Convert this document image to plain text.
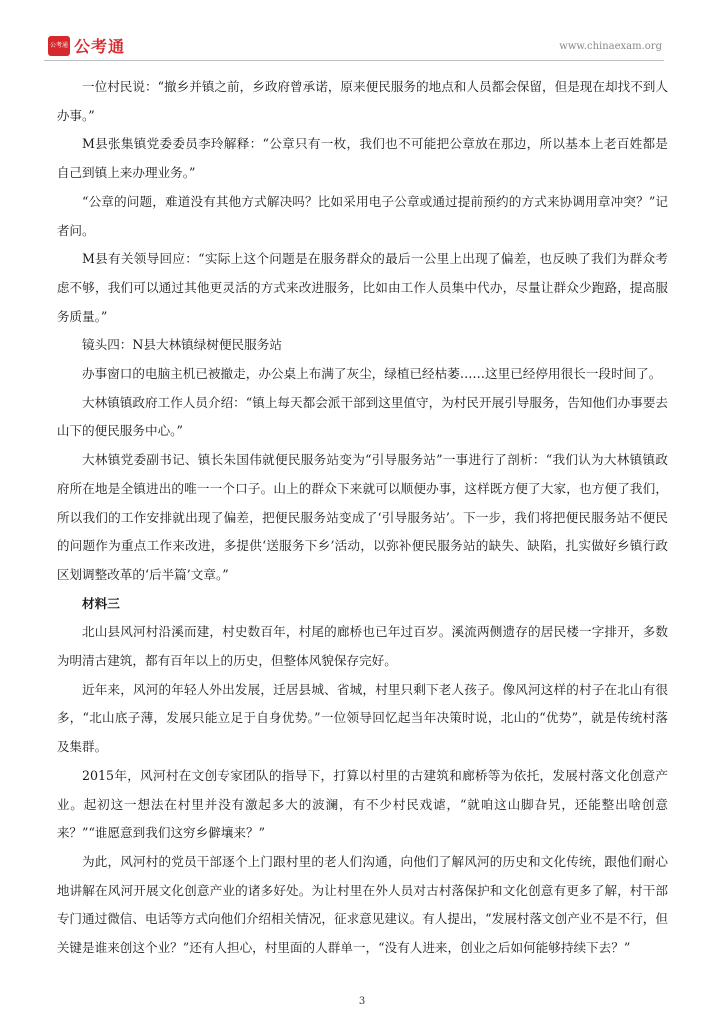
公考通 公考通	www.chinaexam.org

一位村民说：“撤乡并镇之前，乡政府曾承诺，原来便民服务的地点和人员都会保留，但是现在却找不到人办事。”

M县张集镇党委委员李玲解释：“公章只有一枚，我们也不可能把公章放在那边，所以基本上老百姓都是自己到镇上来办理业务。”

“公章的问题，难道没有其他方式解决吗？比如采用电子公章或通过提前预约的方式来协调用章冲突？”记者问。

M县有关领导回应：“实际上这个问题是在服务群众的最后一公里上出现了偏差，也反映了我们为群众考虑不够，我们可以通过其他更灵活的方式来改进服务，比如由工作人员集中代办，尽量让群众少跑路，提高服务质量。”

镜头四：N县大林镇绿树便民服务站

办事窗口的电脑主机已被撤走，办公桌上布满了灰尘，绿植已经枯萎……这里已经停用很长一段时间了。

大林镇镇政府工作人员介绍：“镇上每天都会派干部到这里值守，为村民开展引导服务，告知他们办事要去山下的便民服务中心。”

大林镇党委副书记、镇长朱国伟就便民服务站变为“引导服务站”一事进行了剖析：“我们认为大林镇镇政府所在地是全镇进出的唯一一个口子。山上的群众下来就可以顺便办事，这样既方便了大家，也方便了我们，所以我们的工作安排就出现了偏差，把便民服务站变成了‘引导服务站’。下一步，我们将把便民服务站不便民的问题作为重点工作来改进，多提供‘送服务下乡’活动，以弥补便民服务站的缺失、缺陷，扎实做好乡镇行政区划调整改革的‘后半篇’文章。”

材料三

北山县风河村沿溪而建，村史数百年，村尾的廊桥也已年过百岁。溪流两侧遗存的居民楼一字排开，多数为明清古建筑，都有百年以上的历史，但整体风貌保存完好。

近年来，风河的年轻人外出发展，迁居县城、省城，村里只剩下老人孩子。像风河这样的村子在北山有很多，“北山底子薄，发展只能立足于自身优势。”一位领导回忆起当年决策时说，北山的“优势”，就是传统村落及集群。

2015年，风河村在文创专家团队的指导下，打算以村里的古建筑和廊桥等为依托，发展村落文化创意产业。起初这一想法在村里并没有激起多大的波澜，有不少村民戏谑，“就咱这山脚旮旯，还能整出啥创意来？”“谁愿意到我们这穷乡僻壤来？”

为此，风河村的党员干部逐个上门跟村里的老人们沟通，向他们了解风河的历史和文化传统，跟他们耐心地讲解在风河开展文化创意产业的诸多好处。为让村里在外人员对古村落保护和文化创意有更多了解，村干部专门通过微信、电话等方式向他们介绍相关情况，征求意见建议。有人提出，“发展村落文创产业不是不行，但关键是谁来创这个业？”还有人担心，村里面的人群单一，“没有人进来，创业之后如何能够持续下去？”

3
